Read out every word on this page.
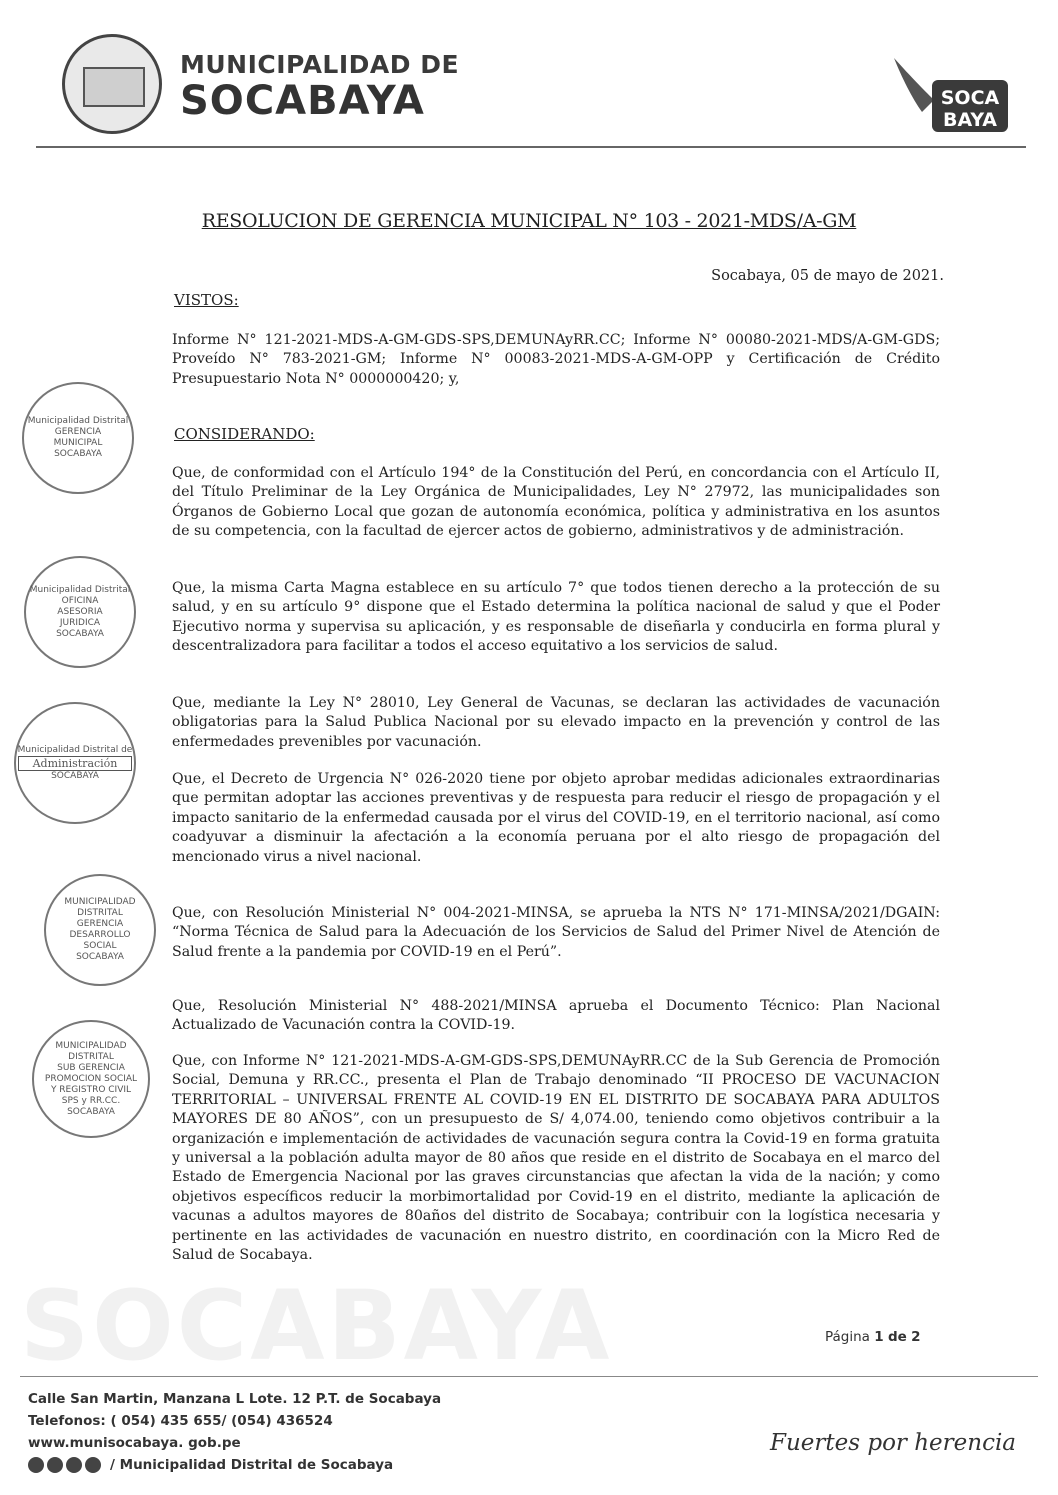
SOCABAYA
MUNICIPALIDAD DE
SOCABAYA	SOCA
BAYA
RESOLUCION DE GERENCIA MUNICIPAL N° 103 - 2021-MDS/A-GM
Socabaya, 05 de mayo de 2021.
VISTOS:

Informe N° 121-2021-MDS-A-GM-GDS-SPS,DEMUNAyRR.CC; Informe N° 00080-2021-MDS/A-GM-GDS; Proveído N° 783-2021-GM; Informe N° 00083-2021-MDS-A-GM-OPP y Certificación de Crédito Presupuestario Nota N° 0000000420; y,

CONSIDERANDO:

Que, de conformidad con el Artículo 194° de la Constitución del Perú, en concordancia con el Artículo II, del Título Preliminar de la Ley Orgánica de Municipalidades, Ley N° 27972, las municipalidades son Órganos de Gobierno Local que gozan de autonomía económica, política y administrativa en los asuntos de su competencia, con la facultad de ejercer actos de gobierno, administrativos y de administración.

Que, la misma Carta Magna establece en su artículo 7° que todos tienen derecho a la protección de su salud, y en su artículo 9° dispone que el Estado determina la política nacional de salud y que el Poder Ejecutivo norma y supervisa su aplicación, y es responsable de diseñarla y conducirla en forma plural y descentralizadora para facilitar a todos el acceso equitativo a los servicios de salud.

Que, mediante la Ley N° 28010, Ley General de Vacunas, se declaran las actividades de vacunación obligatorias para la Salud Publica Nacional por su elevado impacto en la prevención y control de las enfermedades prevenibles por vacunación.

Que, el Decreto de Urgencia N° 026-2020 tiene por objeto aprobar medidas adicionales extraordinarias que permitan adoptar las acciones preventivas y de respuesta para reducir el riesgo de propagación y el impacto sanitario de la enfermedad causada por el virus del COVID-19, en el territorio nacional, así como coadyuvar a disminuir la afectación a la economía peruana por el alto riesgo de propagación del mencionado virus a nivel nacional.

Que, con Resolución Ministerial N° 004-2021-MINSA, se aprueba la NTS N° 171-MINSA/2021/DGAIN: “Norma Técnica de Salud para la Adecuación de los Servicios de Salud del Primer Nivel de Atención de Salud frente a la pandemia por COVID-19 en el Perú”.

Que, Resolución Ministerial N° 488-2021/MINSA aprueba el Documento Técnico: Plan Nacional Actualizado de Vacunación contra la COVID-19.

Que, con Informe N° 121-2021-MDS-A-GM-GDS-SPS,DEMUNAyRR.CC de la Sub Gerencia de Promoción Social, Demuna y RR.CC., presenta el Plan de Trabajo denominado “II PROCESO DE VACUNACION TERRITORIAL – UNIVERSAL FRENTE AL COVID-19 EN EL DISTRITO DE SOCABAYA PARA ADULTOS MAYORES DE 80 AÑOS”, con un presupuesto de S/ 4,074.00, teniendo como objetivos contribuir a la organización e implementación de actividades de vacunación segura contra la Covid-19 en forma gratuita y universal a la población adulta mayor de 80 años que reside en el distrito de Socabaya en el marco del Estado de Emergencia Nacional por las graves circunstancias que afectan la vida de la nación; y como objetivos específicos reducir la morbimortalidad por Covid-19 en el distrito, mediante la aplicación de vacunas a adultos mayores de 80años del distrito de Socabaya; contribuir con la logística necesaria y pertinente en las actividades de vacunación en nuestro distrito, en coordinación con la Micro Red de Salud de Socabaya.

Municipalidad Distrital
GERENCIA
MUNICIPAL
SOCABAYA
Municipalidad Distrital
OFICINA
ASESORIA
JURIDICA
SOCABAYA
Municipalidad Distrital de
Administración
SOCABAYA
MUNICIPALIDAD DISTRITAL
GERENCIA
DESARROLLO
SOCIAL
SOCABAYA
MUNICIPALIDAD DISTRITAL
SUB GERENCIA
PROMOCION SOCIAL
Y REGISTRO CIVIL
SPS y RR.CC.
SOCABAYA
Página 1 de 2
Calle San Martin, Manzana L Lote. 12 P.T. de Socabaya
Telefonos: ( 054) 435 655/ (054) 436524
www.munisocabaya. gob.pe
/ Municipalidad Distrital de Socabaya
Fuertes por herencia
